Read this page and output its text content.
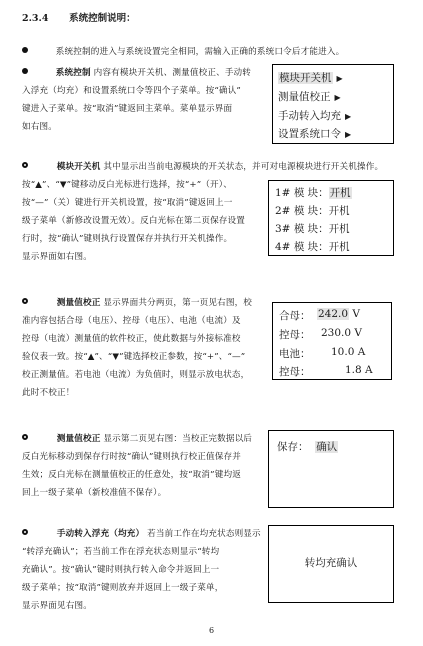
2.3.4 系统控制说明：
系统控制的进入与系统设置完全相同，需输入正确的系统口令后才能进入。
系统控制 内容有模块开关机、测量值校正、手动转
入浮充（均充）和设置系统口令等四个子菜单。按“确认”
键进入子菜单。按“取消”键返回主菜单。菜单显示界面
如右图。
模块开关机 ▶
测量值校正 ▶
手动转入均充 ▶
设置系统口令 ▶
模块开关机 其中显示出当前电源模块的开关状态，并可对电源模块进行开关机操作。
按“▲”、“▼”键移动反白光标进行选择，按“+”（开）、
按“—”（关）键进行开关机设置，按“取消”键返回上一
级子菜单（新修改设置无效）。反白光标在第二页保存设置
行时，按“确认”键则执行设置保存并执行开关机操作。
显示界面如右图。
1# 模 块：开机
2# 模 块：开机
3# 模 块：开机
4# 模 块：开机
测量值校正 显示界面共分两页，第一页见右图，校
准内容包括合母（电压）、控母（电压）、电池（电流）及
控母（电流）测量值的软件校正，使此数据与外接标准校
验仪表一致。按“▲”、“▼”键选择校正参数，按“+”、“—”
校正测量值。若电池（电流）为负值时，则显示放电状态，
此时不校正！
合母： 242.0 V
控母： 230.0 V
电池： 10.0 A
控母：	1.8 A
测量值校正 显示第二页见右图：当校正完数据以后
反白光标移动到保存行时按“确认”键则执行校正值保存并
生效；反白光标在测量值校正的任意处，按“取消”键均返
回上一级子菜单（新校准值不保存）。
保存： 确认
手动转入浮充（均充） 若当前工作在均充状态则显示
“转浮充确认”；若当前工作在浮充状态则显示“转均
充确认”。按“确认”键时则执行转入命令并返回上一
级子菜单；按“取消”键则放弃并返回上一级子菜单，
显示界面见右图。
转均充确认
6
